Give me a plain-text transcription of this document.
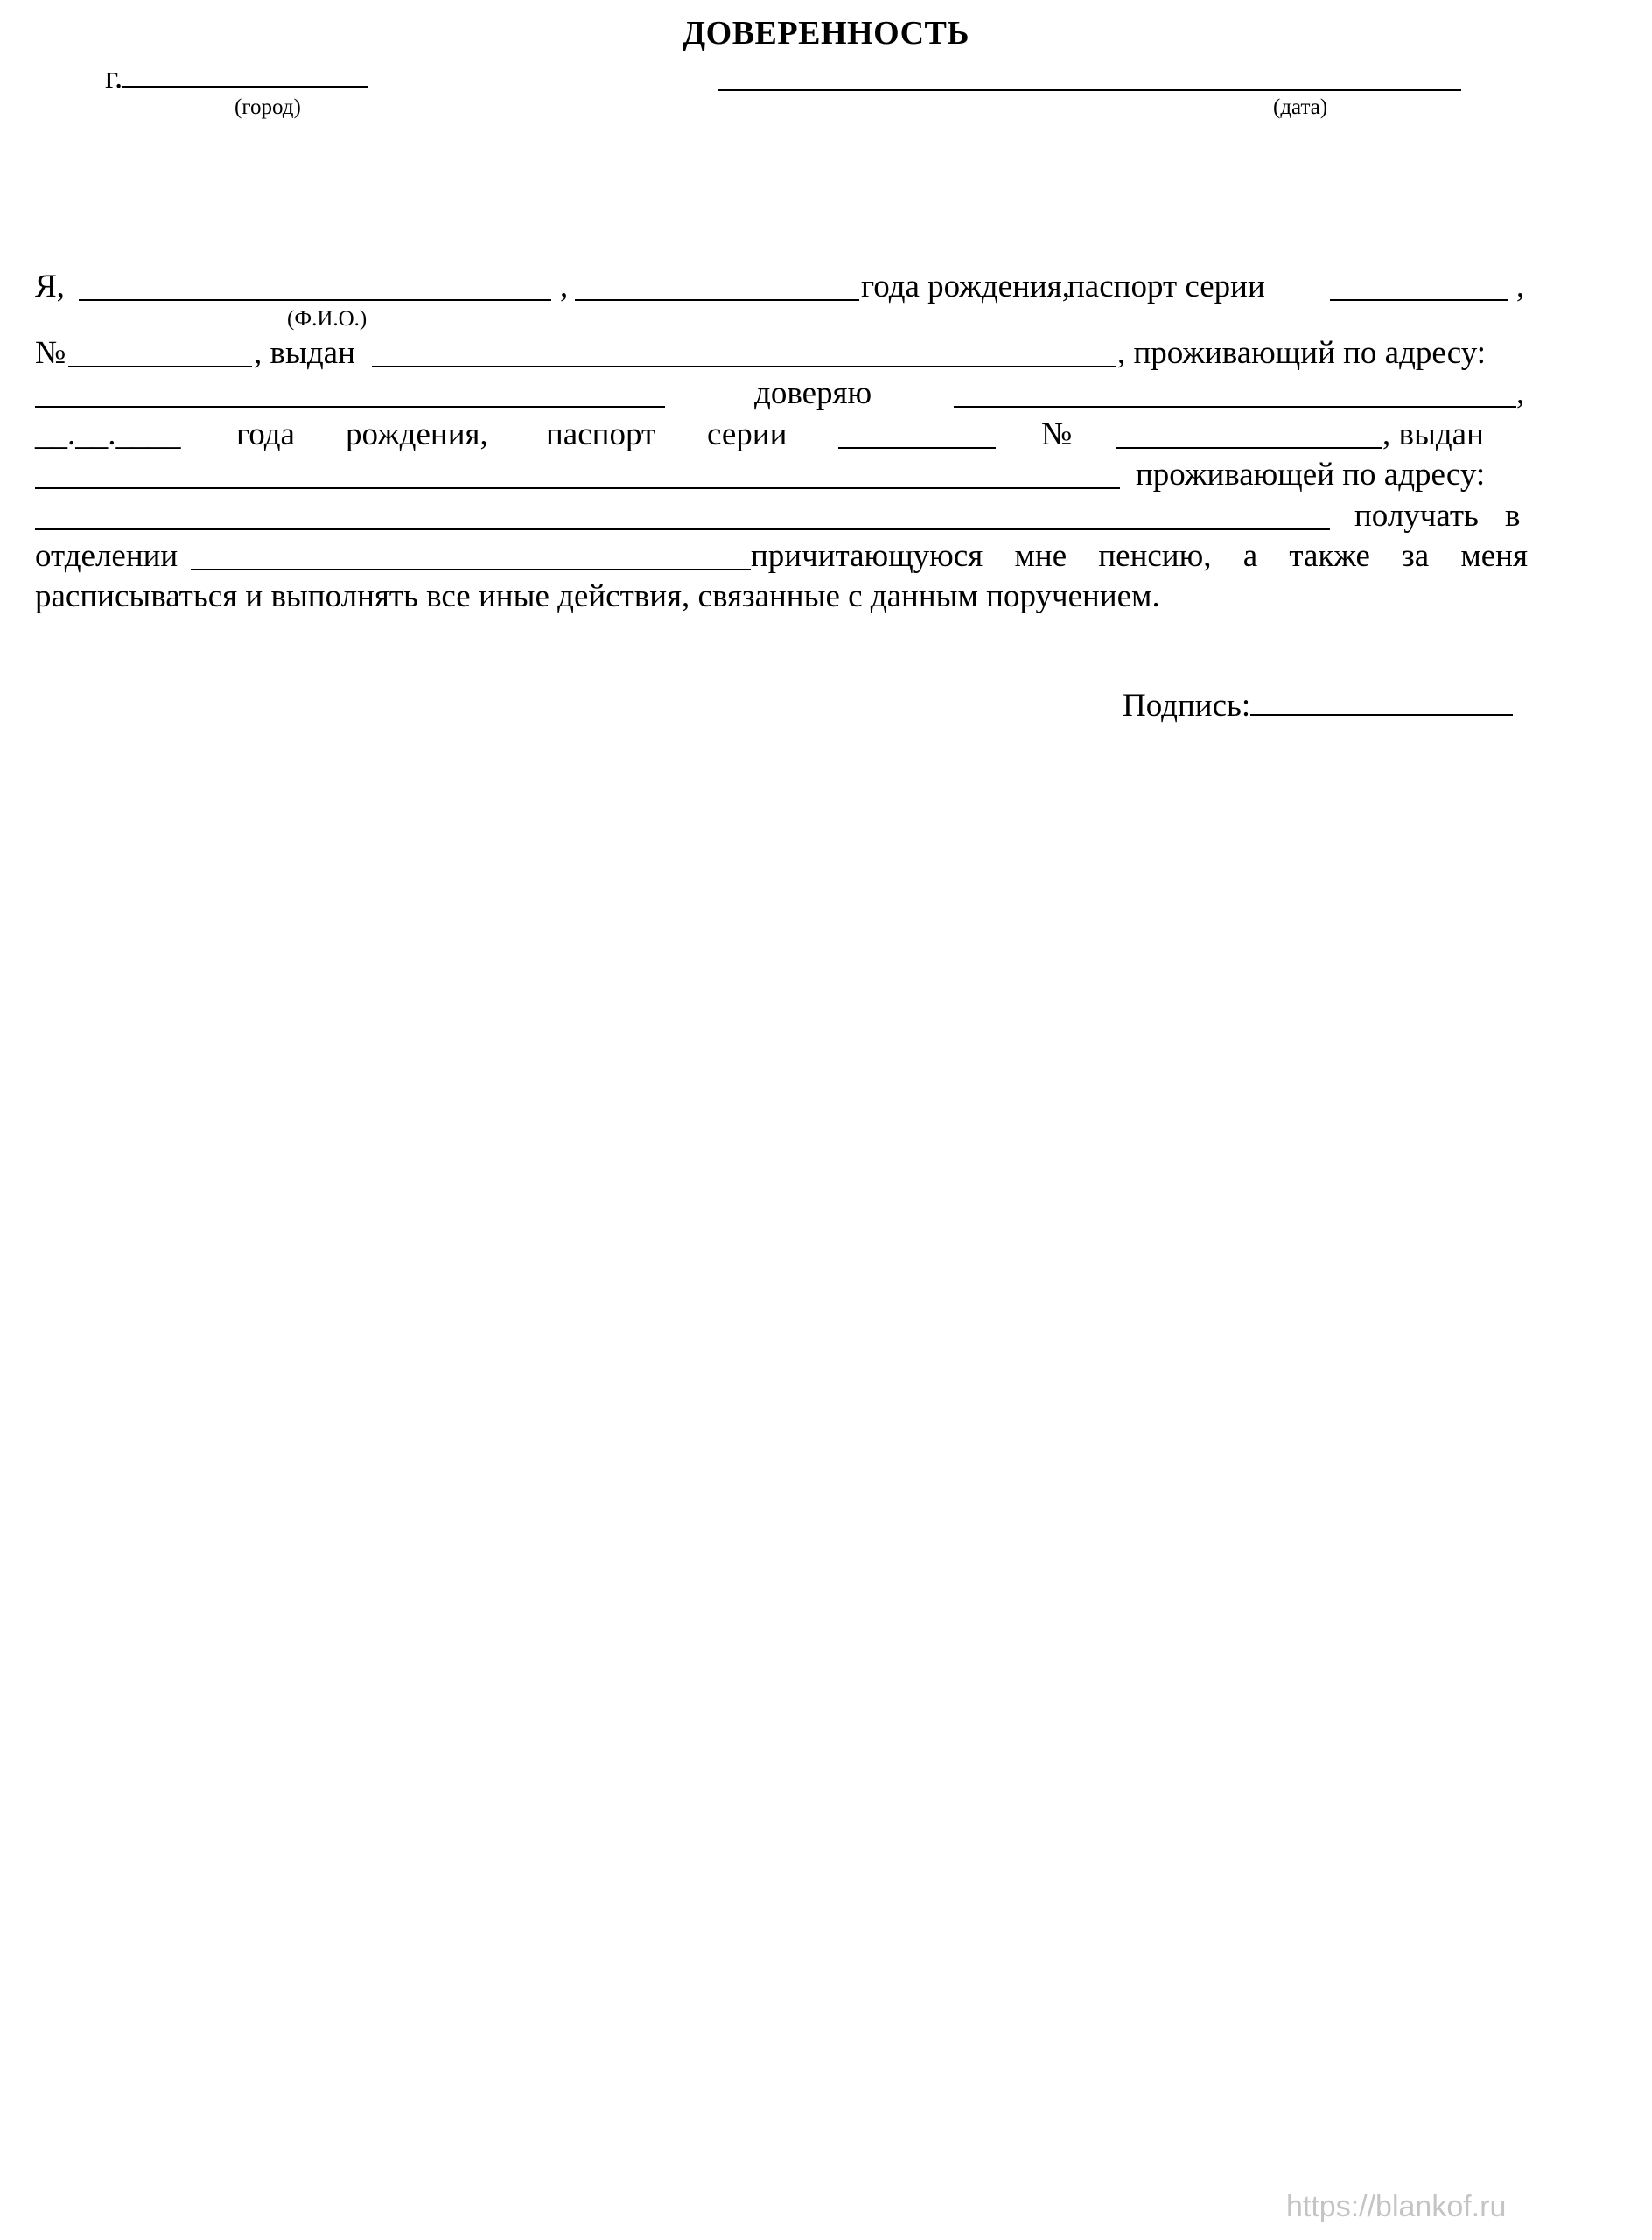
ДОВЕРЕННОСТЬ
г.
(город)	(дата)
Я,	,	года рождения,
паспорт серии	,
(Ф.И.О.)
№	, выдан	, проживающий по адресу:
доверяю	,
__.__.____ года рождения, паспорт серии	№	, выдан
проживающей по адресу:
получать в
отделении	причитающуюся мне пенсию, а также за меня
расписываться и выполнять все иные действия, связанные с данным поручением.
Подпись:
https://blankof.ru
